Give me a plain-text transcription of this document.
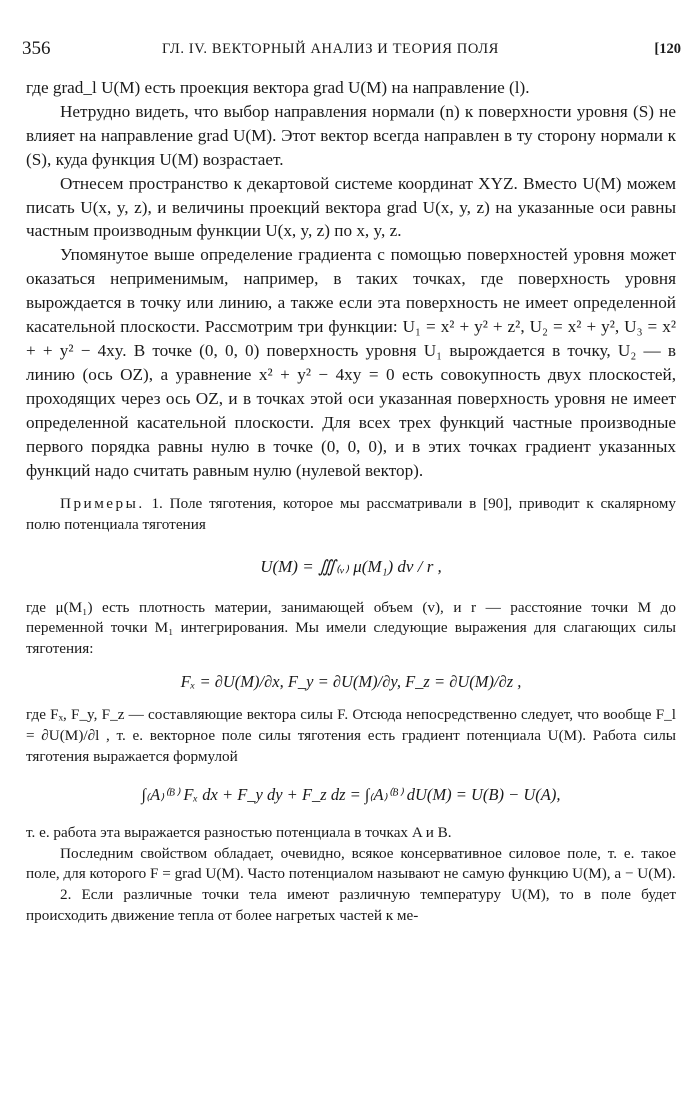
356	ГЛ. IV. ВЕКТОРНЫЙ АНАЛИЗ И ТЕОРИЯ ПОЛЯ	[120

где grad_l U(M) есть проекция вектора grad U(M) на направление (l).

Нетрудно видеть, что выбор направления нормали (n) к поверхности уровня (S) не влияет на направление grad U(M). Этот вектор всегда направлен в ту сторону нормали к (S), куда функция U(M) возрастает.

Отнесем пространство к декартовой системе координат XYZ. Вместо U(M) можем писать U(x, y, z), и величины проекций вектора grad U(x, y, z) на указанные оси равны частным производным функции U(x, y, z) по x, y, z.

Упомянутое выше определение градиента с помощью поверхностей уровня может оказаться неприменимым, например, в таких точках, где поверхность уровня вырождается в точку или линию, а также если эта поверхность не имеет определенной касательной плоскости. Рассмотрим три функции: U₁ = x² + y² + z², U₂ = x² + y², U₃ = x² + + y² − 4xy. В точке (0, 0, 0) поверхность уровня U₁ вырождается в точку, U₂ — в линию (ось OZ), а уравнение x² + y² − 4xy = 0 есть совокупность двух плоскостей, проходящих через ось OZ, и в точках этой оси указанная поверхность уровня не имеет определенной касательной плоскости. Для всех трех функций частные производные первого порядка равны нулю в точке (0, 0, 0), и в этих точках градиент указанных функций надо считать равным нулю (нулевой вектор).

Примеры. 1. Поле тяготения, которое мы рассматривали в [90], приводит к скалярному полю потенциала тяготения

U(M) = ∭₍ᵥ₎ μ(M₁) dv / r ,

где μ(M₁) есть плотность материи, занимающей объем (v), и r — расстояние точки M до переменной точки M₁ интегрирования. Мы имели следующие выражения для слагающих силы тяготения:

Fₓ = ∂U(M)/∂x, F_y = ∂U(M)/∂y, F_z = ∂U(M)/∂z ,

где Fₓ, F_y, F_z — составляющие вектора силы F. Отсюда непосредственно следует, что вообще F_l = ∂U(M)/∂l , т. е. векторное поле силы тяготения есть градиент потенциала U(M). Работа силы тяготения выражается формулой

∫₍A₎⁽ᴮ⁾ Fₓ dx + F_y dy + F_z dz = ∫₍A₎⁽ᴮ⁾ dU(M) = U(B) − U(A),

т. е. работа эта выражается разностью потенциала в точках A и B.

Последним свойством обладает, очевидно, всякое консервативное силовое поле, т. е. такое поле, для которого F = grad U(M). Часто потенциалом называют не самую функцию U(M), а − U(M).

2. Если различные точки тела имеют различную температуру U(M), то в поле будет происходить движение тепла от более нагретых частей к ме-
